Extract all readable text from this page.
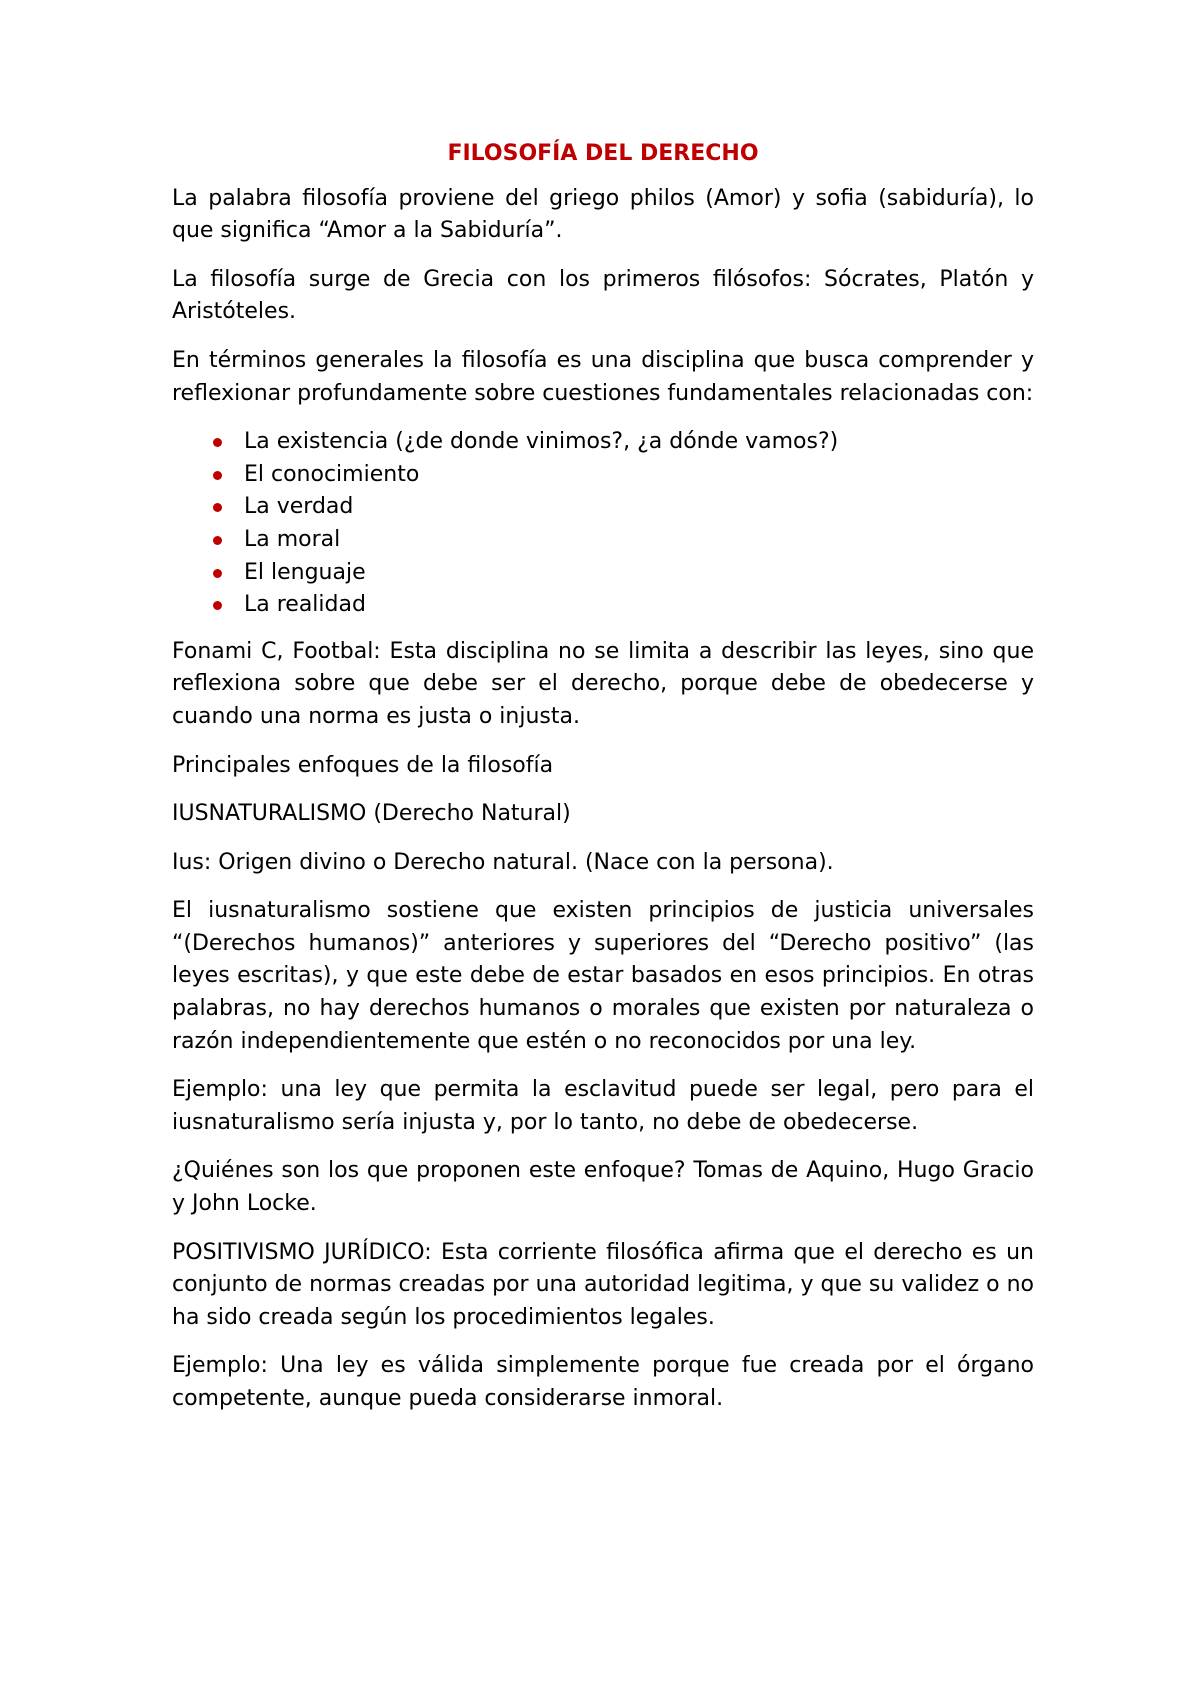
FILOSOFÍA DEL DERECHO

La palabra filosofía proviene del griego philos (Amor) y sofia (sabiduría), lo que significa “Amor a la Sabiduría”.

La filosofía surge de Grecia con los primeros filósofos: Sócrates, Platón y Aristóteles.

En términos generales la filosofía es una disciplina que busca comprender y reflexionar profundamente sobre cuestiones fundamentales relacionadas con:

La existencia (¿de donde vinimos?, ¿a dónde vamos?)
El conocimiento
La verdad
La moral
El lenguaje
La realidad

Fonami C, Footbal: Esta disciplina no se limita a describir las leyes, sino que reflexiona sobre que debe ser el derecho, porque debe de obedecerse y cuando una norma es justa o injusta.

Principales enfoques de la filosofía

IUSNATURALISMO (Derecho Natural)

Ius: Origen divino o Derecho natural. (Nace con la persona).

El iusnaturalismo sostiene que existen principios de justicia universales “(Derechos humanos)” anteriores y superiores del “Derecho positivo” (las leyes escritas), y que este debe de estar basados en esos principios. En otras palabras, no hay derechos humanos o morales que existen por naturaleza o razón independientemente que estén o no reconocidos por una ley.

Ejemplo: una ley que permita la esclavitud puede ser legal, pero para el iusnaturalismo sería injusta y, por lo tanto, no debe de obedecerse.

¿Quiénes son los que proponen este enfoque? Tomas de Aquino, Hugo Gracio y John Locke.

POSITIVISMO JURÍDICO: Esta corriente filosófica afirma que el derecho es un conjunto de normas creadas por una autoridad legitima, y que su validez o no ha sido creada según los procedimientos legales.

Ejemplo: Una ley es válida simplemente porque fue creada por el órgano competente, aunque pueda considerarse inmoral.
